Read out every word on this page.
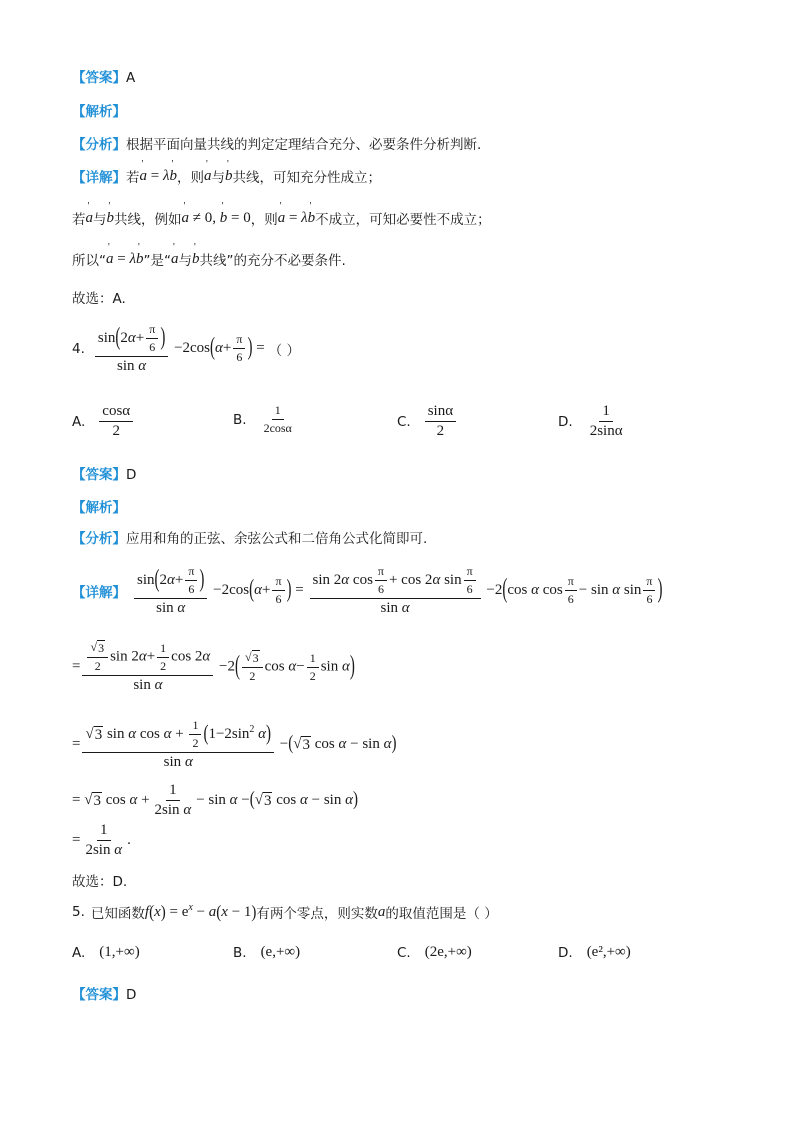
【答案】A
【解析】
【分析】根据平面向量共线的判定定理结合充分、必要条件分析判断.
【详解】 若 ' a = λ' b ，则 ' a 与 ' b 共线，可知充分性成立；
若 ' a 与 ' b 共线，例如 ' a ≠ 0, ' b = 0 ，则 ' a = λ' b 不成立，可知必要性不成立；
所以“ ' a = λ' b ”是“ ' a 与 ' b 共线”的充分不必要条件.
故选：A.
4. $\frac{\sin(2\alpha+ \frac{\pi}{6} )}{\text{sin α}} -2\cos(\alpha+ \frac{\pi}{6}$ ) = （ ）
A. $\frac{\cos\alpha}{2}$	B. $\frac{1}{2\cos\alpha}$	C. $\frac{\sin\alpha}{2}$	D. $\frac{1}{2\sin\alpha}$
【答案】D
【解析】
【分析】应用和角的正弦、余弦公式和二倍角公式化简即可.
【详解】 $\frac{\sin(2\alpha+ \frac{\pi}{6} )}{\text{sin α}} -2\cos(\alpha+ \frac{\pi}{6}$ ) = $\frac{\sin 2\alpha \cos \frac{\pi}{6} + \cos 2\alpha \sin \frac{\pi}{6}}{\text{sin α}} -2(\cos$ α $\cos \frac{\pi}{6} - \sin \alpha$ $\sin \frac{\pi}{6}$ )
= $\frac{\frac{√ 3}{2} \sin 2\alpha+ \frac{1}{2} \cos 2\alpha}{\text{sin α}} -2( \frac{√ 3}{2}$ $\cos \alpha- \frac{1}{2}$ sin α)
= $\frac{√ 3 \sin \alpha \cos \alpha + \frac{1}{2} (1-2\sin^2 \alpha)}{\text{sin α}}$ −(√ 3 cos α − sin α)
= √ 3 $\cos \alpha + \frac{1}{\text{2sin α}} - \sin \alpha$ −(√ 3 cos α − sin α)
= $\frac{1}{\text{2sin α}}$ .
故选：D.
5. 已知函数 $f(x) = e^x - a(x - 1)$ 有两个零点，则实数 a 的取值范围是（ ）
A. (1,+∞)	B. (e,+∞)	C. (2e,+∞)	D. (e²,+∞)
【答案】D
